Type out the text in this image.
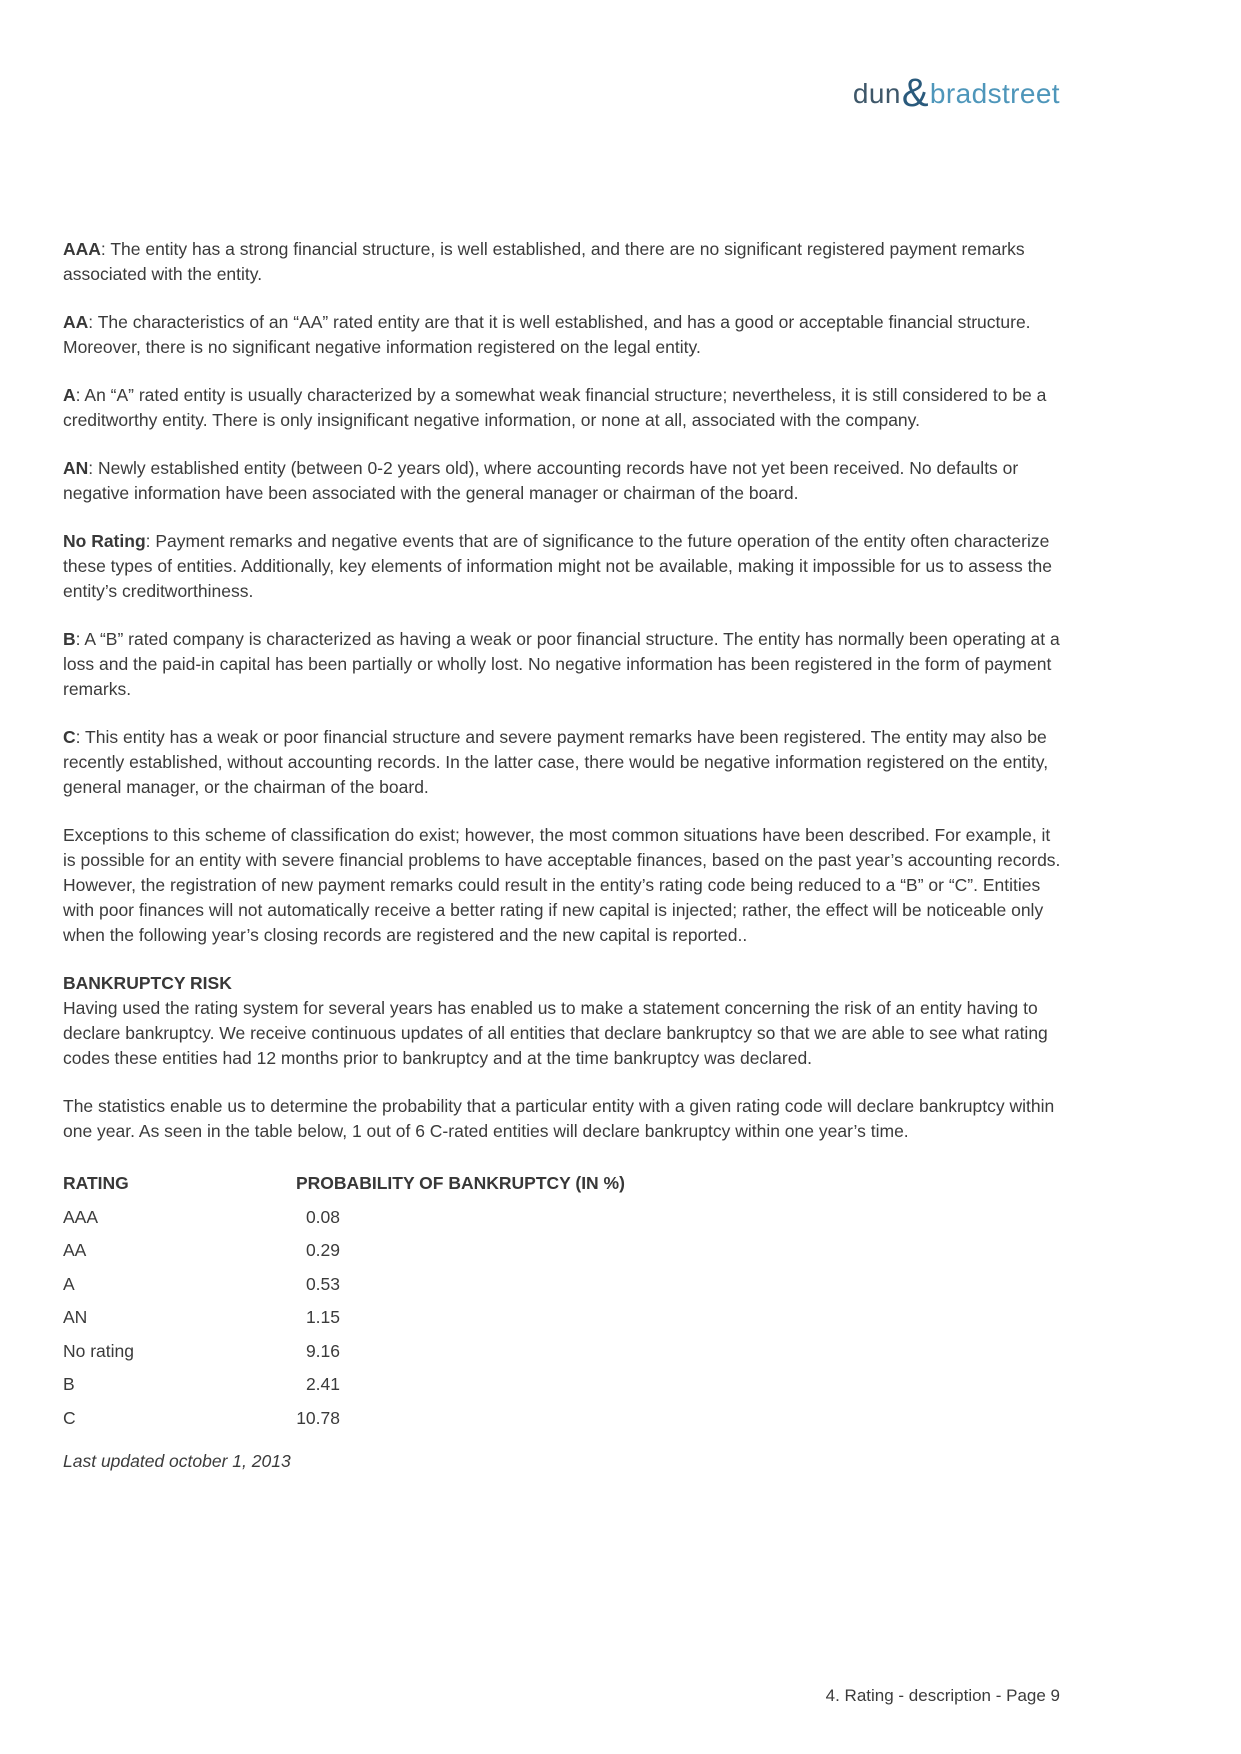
dun&bradstreet
AAA: The entity has a strong financial structure, is well established, and there are no significant registered payment remarks associated with the entity.
AA: The characteristics of an “AA” rated entity are that it is well established, and has a good or acceptable financial structure. Moreover, there is no significant negative information registered on the legal entity.
A: An “A” rated entity is usually characterized by a somewhat weak financial structure; nevertheless, it is still considered to be a creditworthy entity. There is only insignificant negative information, or none at all, associated with the company.
AN: Newly established entity (between 0-2 years old), where accounting records have not yet been received. No defaults or negative information have been associated with the general manager or chairman of the board.
No Rating: Payment remarks and negative events that are of significance to the future operation of the entity often characterize these types of entities. Additionally, key elements of information might not be available, making it impossible for us to assess the entity’s creditworthiness.
B: A “B” rated company is characterized as having a weak or poor financial structure. The entity has normally been operating at a loss and the paid-in capital has been partially or wholly lost. No negative information has been registered in the form of payment remarks.
C: This entity has a weak or poor financial structure and severe payment remarks have been registered. The entity may also be recently established, without accounting records. In the latter case, there would be negative information registered on the entity, general manager, or the chairman of the board.
Exceptions to this scheme of classification do exist; however, the most common situations have been described. For example, it is possible for an entity with severe financial problems to have acceptable finances, based on the past year’s accounting records. However, the registration of new payment remarks could result in the entity’s rating code being reduced to a “B” or “C”. Entities with poor finances will not automatically receive a better rating if new capital is injected; rather, the effect will be noticeable only when the following year’s closing records are registered and the new capital is reported..
BANKRUPTCY RISK
Having used the rating system for several years has enabled us to make a statement concerning the risk of an entity having to declare bankruptcy. We receive continuous updates of all entities that declare bankruptcy so that we are able to see what rating codes these entities had 12 months prior to bankruptcy and at the time bankruptcy was declared.
The statistics enable us to determine the probability that a particular entity with a given rating code will declare bankruptcy within one year. As seen in the table below, 1 out of 6 C-rated entities will declare bankruptcy within one year’s time.
RATING	PROBABILITY OF BANKRUPTCY (IN %)
AAA	0.08
AA	0.29
A	0.53
AN	1.15
No rating	9.16
B	2.41
C	10.78
Last updated october 1, 2013
4. Rating - description - Page 9
